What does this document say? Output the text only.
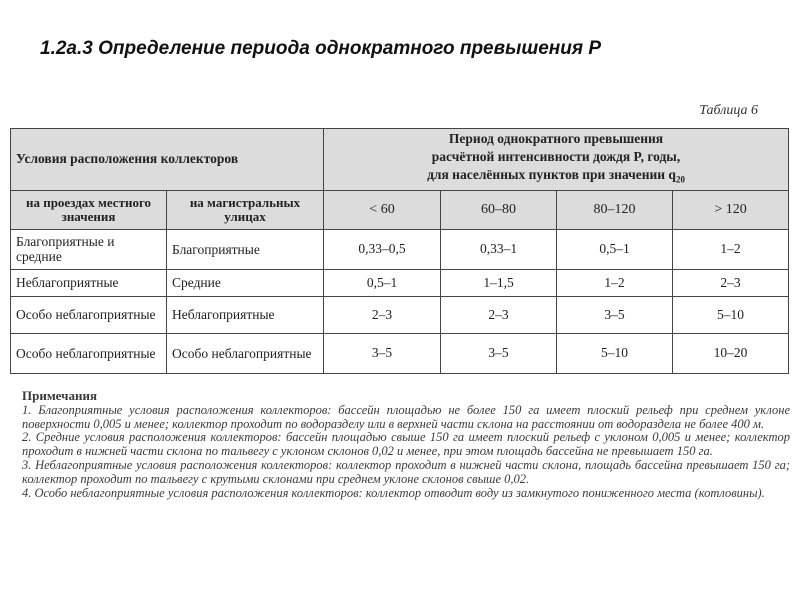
1.2а.3 Определение периода однократного превышения Р
Таблица 6
Условия расположения коллекторов		Период однократного превышения
расчётной интенсивности дождя P, годы,
для населённых пунктов при значении $q_{20}$

на проездах местного значения	на магистральных улицах	< 60	60–80	80–120	> 120
Благоприятные и средние	Благоприятные	0,33–0,5	0,33–1	0,5–1	1–2
Неблагоприятные	Средние	0,5–1	1–1,5	1–2	2–3
Особо неблагоприятные	Неблагоприятные	2–3	2–3	3–5	5–10
Особо неблагоприятные	Особо неблагоприятные	3–5	3–5	5–10	10–20
Примечания

1. Благоприятные условия расположения коллекторов: бассейн площадью не более 150 га имеет плоский рельеф при среднем уклоне поверхности 0,005 и менее; коллектор проходит по водоразделу или в верхней части склона на расстоянии от водораздела не более 400 м.

2. Средние условия расположения коллекторов: бассейн площадью свыше 150 га имеет плоский рельеф с уклоном 0,005 и менее; коллектор проходит в нижней части склона по тальвегу с уклоном склонов 0,02 и менее, при этом площадь бассейна не превышает 150 га.

3. Неблагоприятные условия расположения коллекторов: коллектор проходит в нижней части склона, площадь бассейна превышает 150 га; коллектор проходит по тальвегу с крутыми склонами при среднем уклоне склонов свыше 0,02.

4. Особо неблагоприятные условия расположения коллекторов: коллектор отводит воду из замкнутого пониженного места (котловины).
